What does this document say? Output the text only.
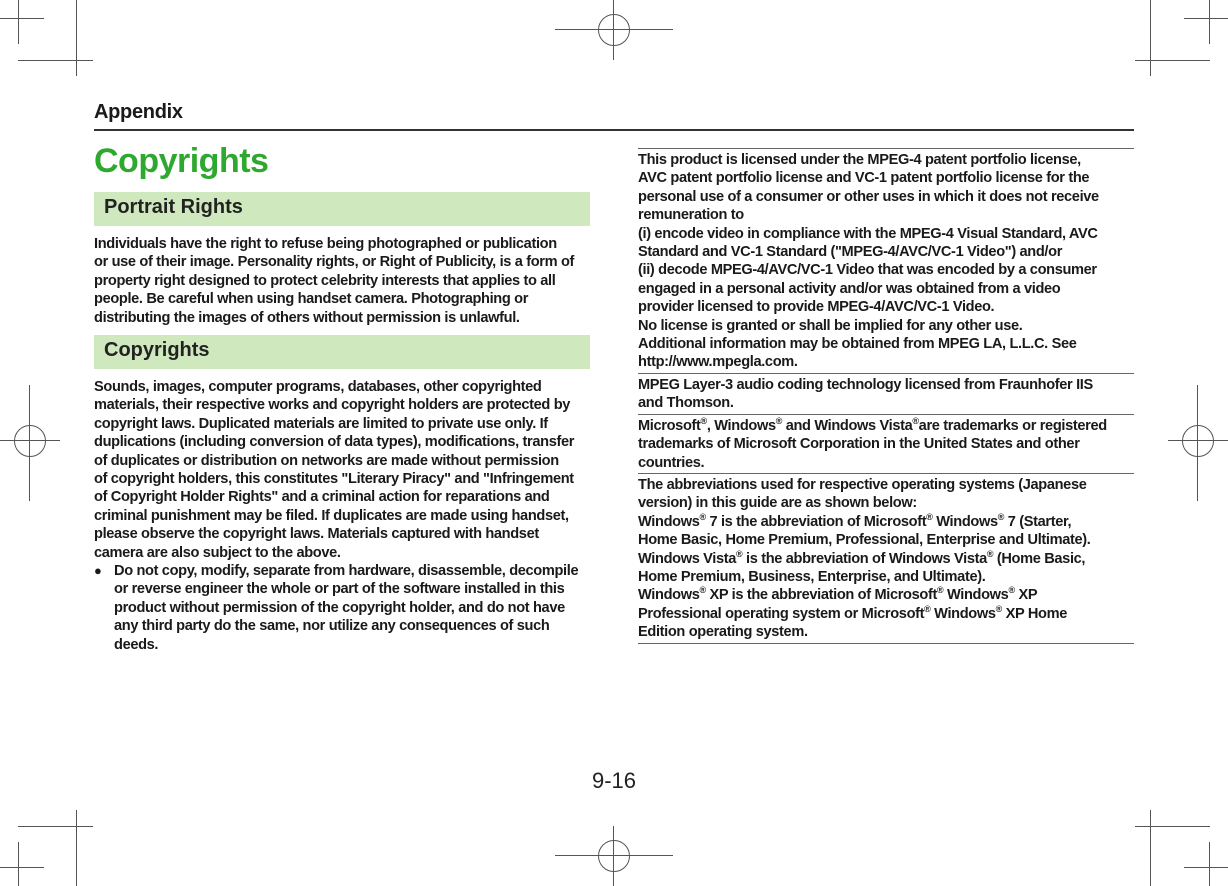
Appendix
Copyrights
Portrait Rights
Individuals have the right to refuse being photographed or publication
or use of their image. Personality rights, or Right of Publicity, is a form of
property right designed to protect celebrity interests that applies to all
people. Be careful when using handset camera. Photographing or
distributing the images of others without permission is unlawful.
Copyrights
Sounds, images, computer programs, databases, other copyrighted
materials, their respective works and copyright holders are protected by
copyright laws. Duplicated materials are limited to private use only. If
duplications (including conversion of data types), modifications, transfer
of duplicates or distribution on networks are made without permission
of copyright holders, this constitutes "Literary Piracy" and "Infringement
of Copyright Holder Rights" and a criminal action for reparations and
criminal punishment may be filed. If duplicates are made using handset,
please observe the copyright laws. Materials captured with handset
camera are also subject to the above.
● Do not copy, modify, separate from hardware, disassemble, decompile
or reverse engineer the whole or part of the software installed in this
product without permission of the copyright holder, and do not have
any third party do the same, nor utilize any consequences of such
deeds.
This product is licensed under the MPEG-4 patent portfolio license,
AVC patent portfolio license and VC-1 patent portfolio license for the
personal use of a consumer or other uses in which it does not receive
remuneration to
(i) encode video in compliance with the MPEG-4 Visual Standard, AVC
Standard and VC-1 Standard ("MPEG-4/AVC/VC-1 Video") and/or
(ii) decode MPEG-4/AVC/VC-1 Video that was encoded by a consumer
engaged in a personal activity and/or was obtained from a video
provider licensed to provide MPEG-4/AVC/VC-1 Video.
No license is granted or shall be implied for any other use.
Additional information may be obtained from MPEG LA, L.L.C. See
http://www.mpegla.com.
MPEG Layer-3 audio coding technology licensed from Fraunhofer IIS
and Thomson.
Microsoft®, Windows® and Windows Vista®are trademarks or registered
trademarks of Microsoft Corporation in the United States and other
countries.
The abbreviations used for respective operating systems (Japanese
version) in this guide are as shown below:
Windows® 7 is the abbreviation of Microsoft® Windows® 7 (Starter,
Home Basic, Home Premium, Professional, Enterprise and Ultimate).
Windows Vista® is the abbreviation of Windows Vista® (Home Basic,
Home Premium, Business, Enterprise, and Ultimate).
Windows® XP is the abbreviation of Microsoft® Windows® XP
Professional operating system or Microsoft® Windows® XP Home
Edition operating system.
9-16
